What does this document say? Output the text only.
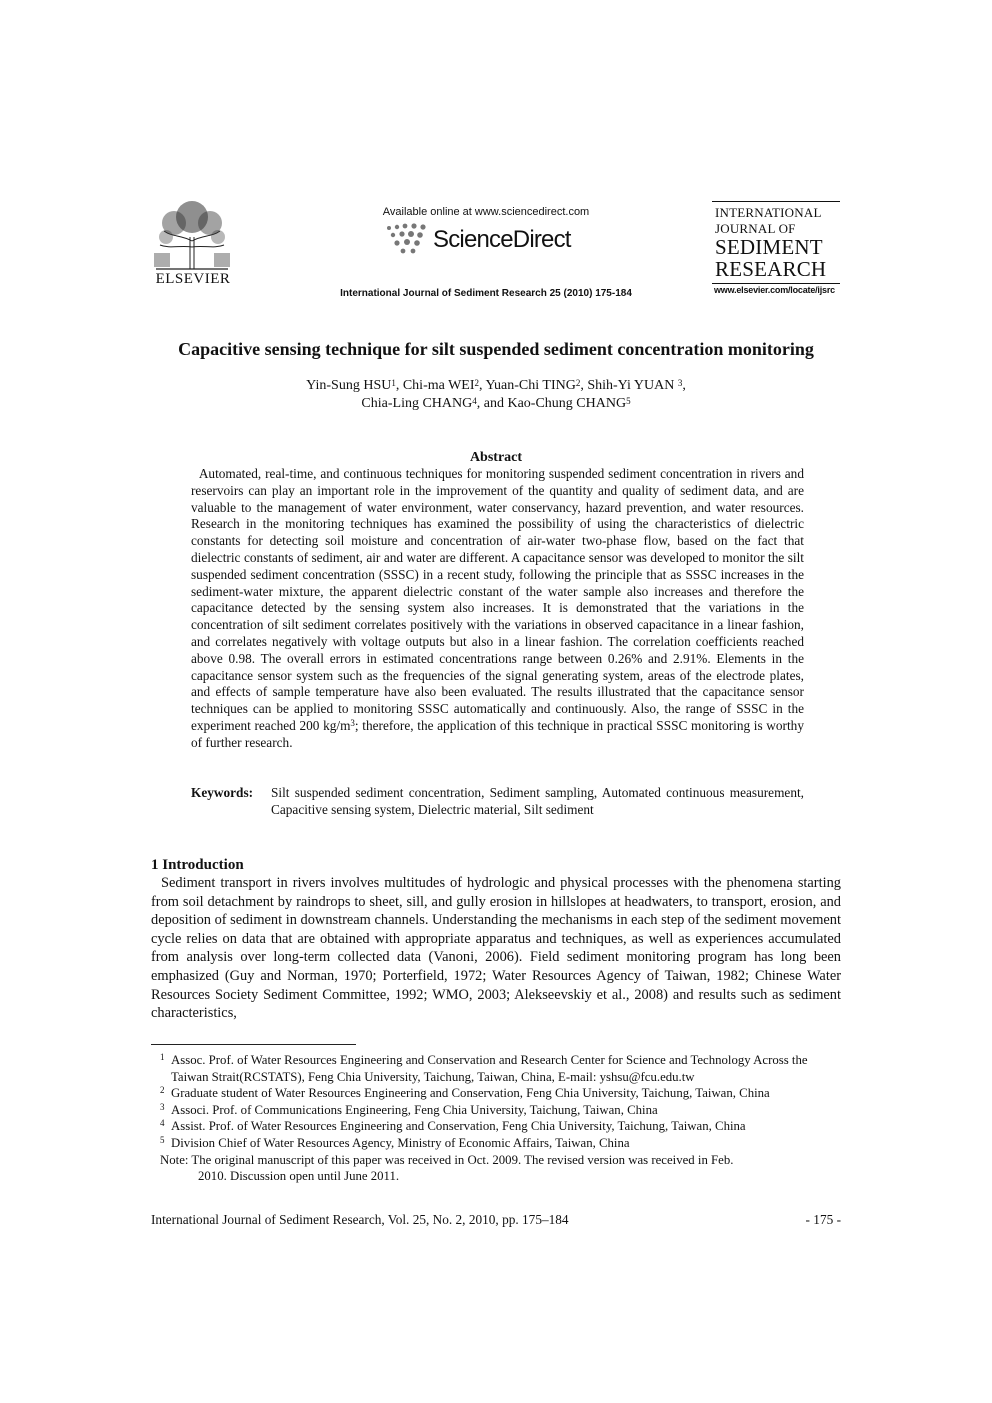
ELSEVIER
Available online at www.sciencedirect.com
ScienceDirect
International Journal of Sediment Research 25 (2010) 175-184
INTERNATIONAL
JOURNAL OF
SEDIMENT
RESEARCH
www.elsevier.com/locate/ijsrc
Capacitive sensing technique for silt suspended sediment concentration monitoring
Yin-Sung HSU$^1$, Chi-ma WEI$^2$, Yuan-Chi TING$^2$, Shih-Yi YUAN $^3$,
Chia-Ling CHANG$^4$, and Kao-Chung CHANG$^5$
Abstract
Automated, real-time, and continuous techniques for monitoring suspended sediment concentration in rivers and reservoirs can play an important role in the improvement of the quantity and quality of sediment data, and are valuable to the management of water environment, water conservancy, hazard prevention, and water resources. Research in the monitoring techniques has examined the possibility of using the characteristics of dielectric constants for detecting soil moisture and concentration of air-water two-phase flow, based on the fact that dielectric constants of sediment, air and water are different. A capacitance sensor was developed to monitor the silt suspended sediment concentration (SSSC) in a recent study, following the principle that as SSSC increases in the sediment-water mixture, the apparent dielectric constant of the water sample also increases and therefore the capacitance detected by the sensing system also increases. It is demonstrated that the variations in the concentration of silt sediment correlates positively with the variations in observed capacitance in a linear fashion, and correlates negatively with voltage outputs but also in a linear fashion. The correlation coefficients reached above 0.98. The overall errors in estimated concentrations range between 0.26% and 2.91%. Elements in the capacitance sensor system such as the frequencies of the signal generating system, areas of the electrode plates, and effects of sample temperature have also been evaluated. The results illustrated that the capacitance sensor techniques can be applied to monitoring SSSC automatically and continuously. Also, the range of SSSC in the experiment reached 200 $kg/m^3$; therefore, the application of this technique in practical SSSC monitoring is worthy of further research.
Keywords: Silt suspended sediment concentration, Sediment sampling, Automated continuous measurement, Capacitive sensing system, Dielectric material, Silt sediment
1 Introduction
Sediment transport in rivers involves multitudes of hydrologic and physical processes with the phenomena starting from soil detachment by raindrops to sheet, sill, and gully erosion in hillslopes at headwaters, to transport, erosion, and deposition of sediment in downstream channels. Understanding the mechanisms in each step of the sediment movement cycle relies on data that are obtained with appropriate apparatus and techniques, as well as experiences accumulated from analysis over long-term collected data (Vanoni, 2006). Field sediment monitoring program has long been emphasized (Guy and Norman, 1970; Porterfield, 1972; Water Resources Agency of Taiwan, 1982; Chinese Water Resources Society Sediment Committee, 1992; WMO, 2003; Alekseevskiy et al., 2008) and results such as sediment characteristics,
1 Assoc. Prof. of Water Resources Engineering and Conservation and Research Center for Science and Technology Across the Taiwan Strait(RCSTATS), Feng Chia University, Taichung, Taiwan, China, E-mail: yshsu@fcu.edu.tw
2 Graduate student of Water Resources Engineering and Conservation, Feng Chia University, Taichung, Taiwan, China
3 Associ. Prof. of Communications Engineering, Feng Chia University, Taichung, Taiwan, China
4 Assist. Prof. of Water Resources Engineering and Conservation, Feng Chia University, Taichung, Taiwan, China
5 Division Chief of Water Resources Agency, Ministry of Economic Affairs, Taiwan, China
Note: The original manuscript of this paper was received in Oct. 2009. The revised version was received in Feb.
2010. Discussion open until June 2011.
International Journal of Sediment Research, Vol. 25, No. 2, 2010, pp. 175–184	- 175 -
